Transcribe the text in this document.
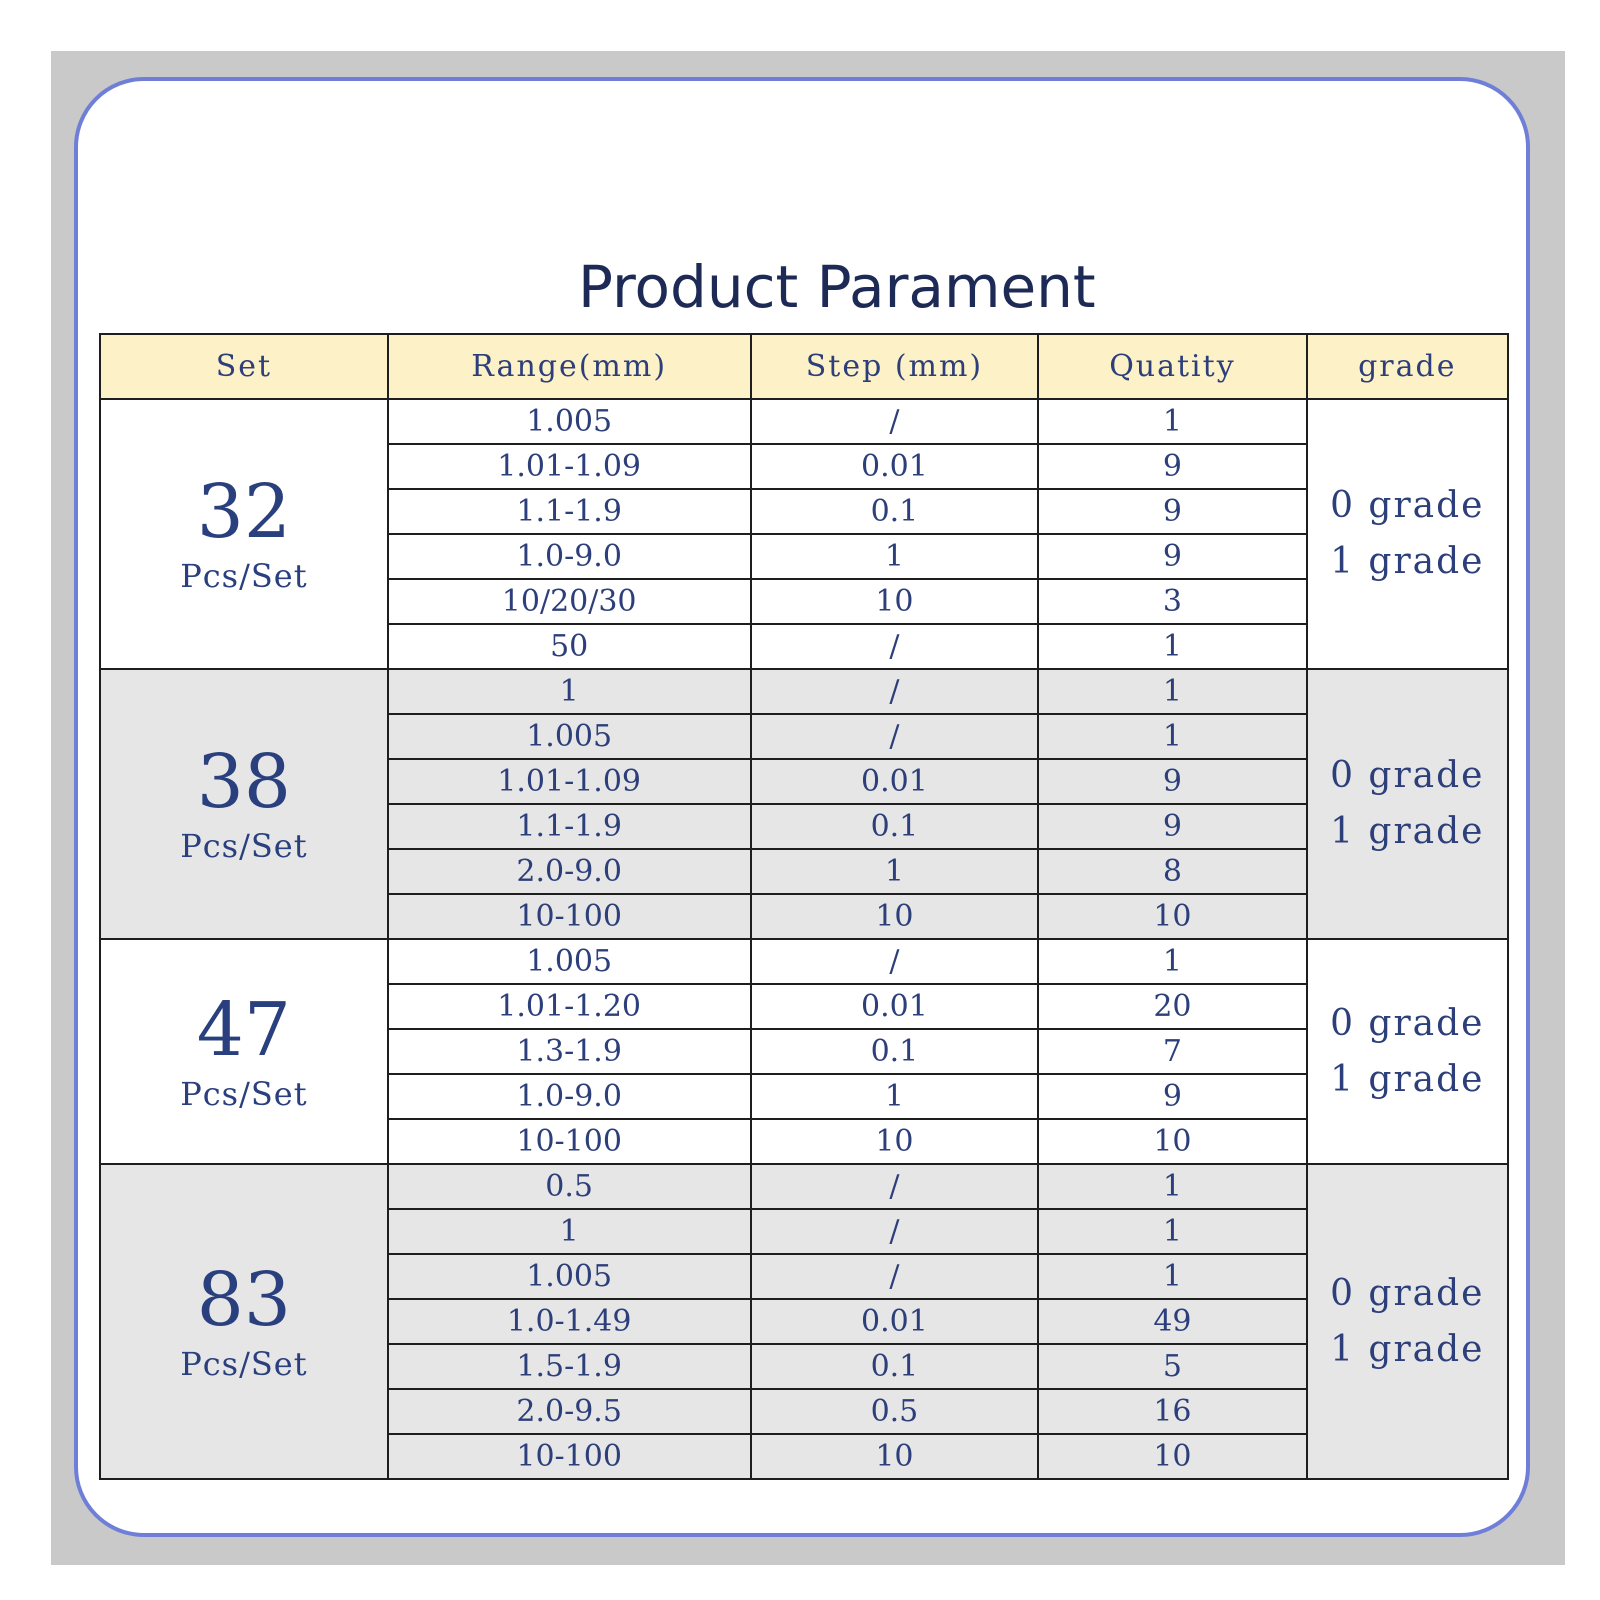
Product Parament
Set	Range(mm)	Step (mm)	Quatity	grade

32
Pcs/Set	1.005	/	1	0 grade
1 grade

	1.01-1.09	0.01	9	
	1.1-1.9	0.1	9	
	1.0-9.0	1	9	
	10/20/30	10	3	
	50	/	1	

38
Pcs/Set	1	/	1	0 grade
1 grade

	1.005	/	1	
	1.01-1.09	0.01	9	
	1.1-1.9	0.1	9	
	2.0-9.0	1	8	
	10-100	10	10	

47
Pcs/Set	1.005	/	1	0 grade
1 grade

	1.01-1.20	0.01	20	
	1.3-1.9	0.1	7	
	1.0-9.0	1	9	
	10-100	10	10	

83
Pcs/Set	0.5	/	1	0 grade
1 grade

	1	/	1	
	1.005	/	1	
	1.0-1.49	0.01	49	
	1.5-1.9	0.1	5	
	2.0-9.5	0.5	16	
	10-100	10	10	
